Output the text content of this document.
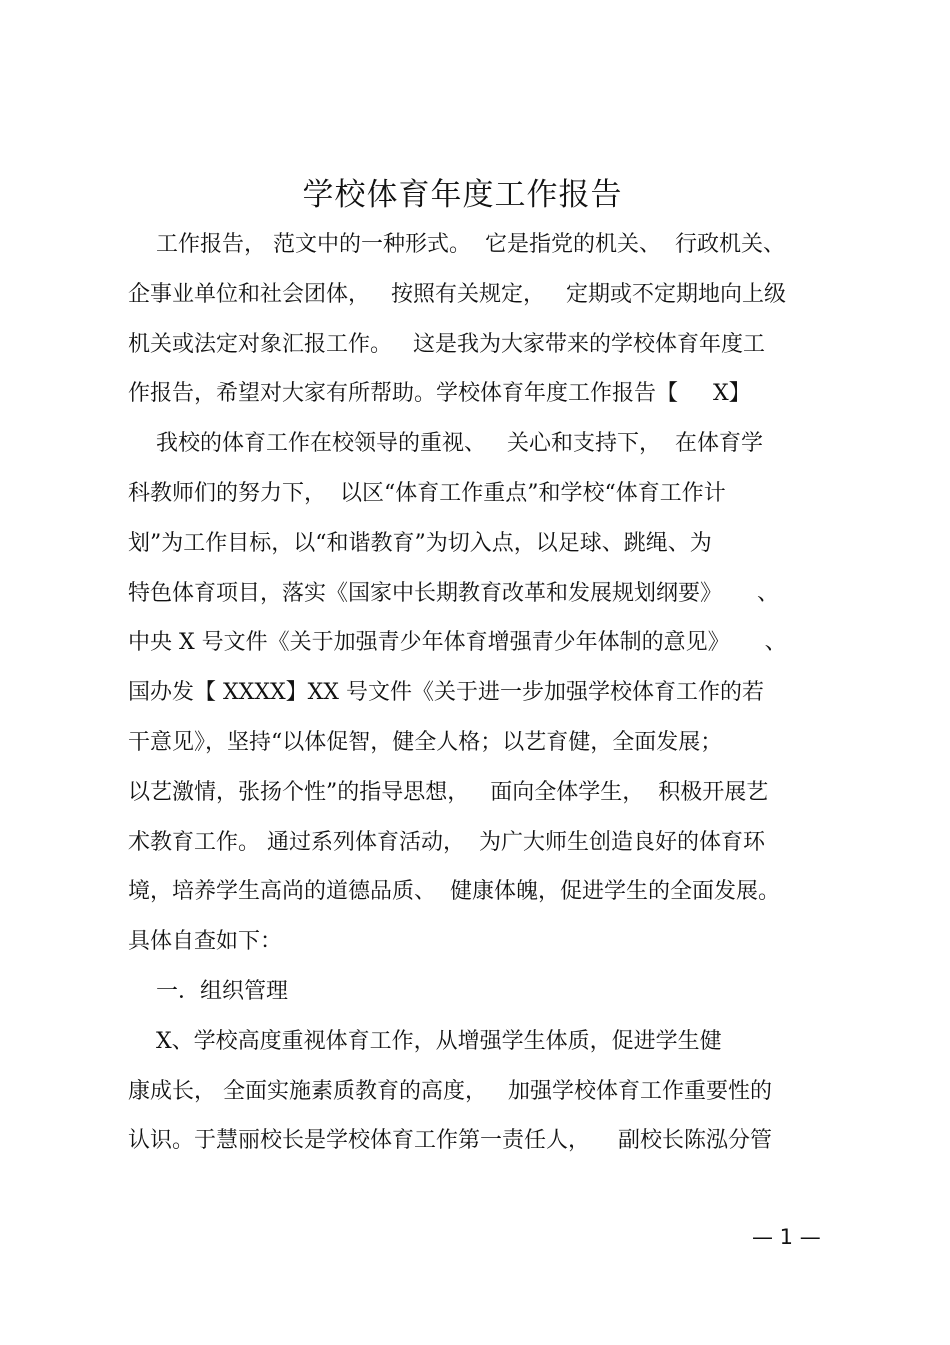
学校体育年度工作报告
工作报告， 范文中的一种形式。  它是指党的机关、  行政机关、
企事业单位和社会团体，   按照有关规定，   定期或不定期地向上级
机关或法定对象汇报工作。   这是我为大家带来的学校体育年度工
作报告，希望对大家有所帮助。学校体育年度工作报告【     X】
我校的体育工作在校领导的重视、   关心和支持下，  在体育学
科教师们的努力下，  以区“体育工作重点”和学校“体育工作计
划”为工作目标，以“和谐教育”为切入点，以足球、跳绳、为
特色体育项目，落实《国家中长期教育改革和发展规划纲要》     、
中央 X 号文件《关于加强青少年体育增强青少年体制的意见》     、
国办发【 XXXX】XX 号文件《关于进一步加强学校体育工作的若
干意见》，坚持“以体促智，健全人格；以艺育健，全面发展；
以艺激情，张扬个性”的指导思想，   面向全体学生，  积极开展艺
术教育工作。 通过系列体育活动，  为广大师生创造良好的体育环
境，培养学生高尚的道德品质、  健康体魄，促进学生的全面发展。
具体自查如下：
一．组织管理
X、学校高度重视体育工作，从增强学生体质，促进学生健
康成长， 全面实施素质教育的高度，   加强学校体育工作重要性的
认识。于慧丽校长是学校体育工作第一责任人，    副校长陈泓分管
— 1 —
